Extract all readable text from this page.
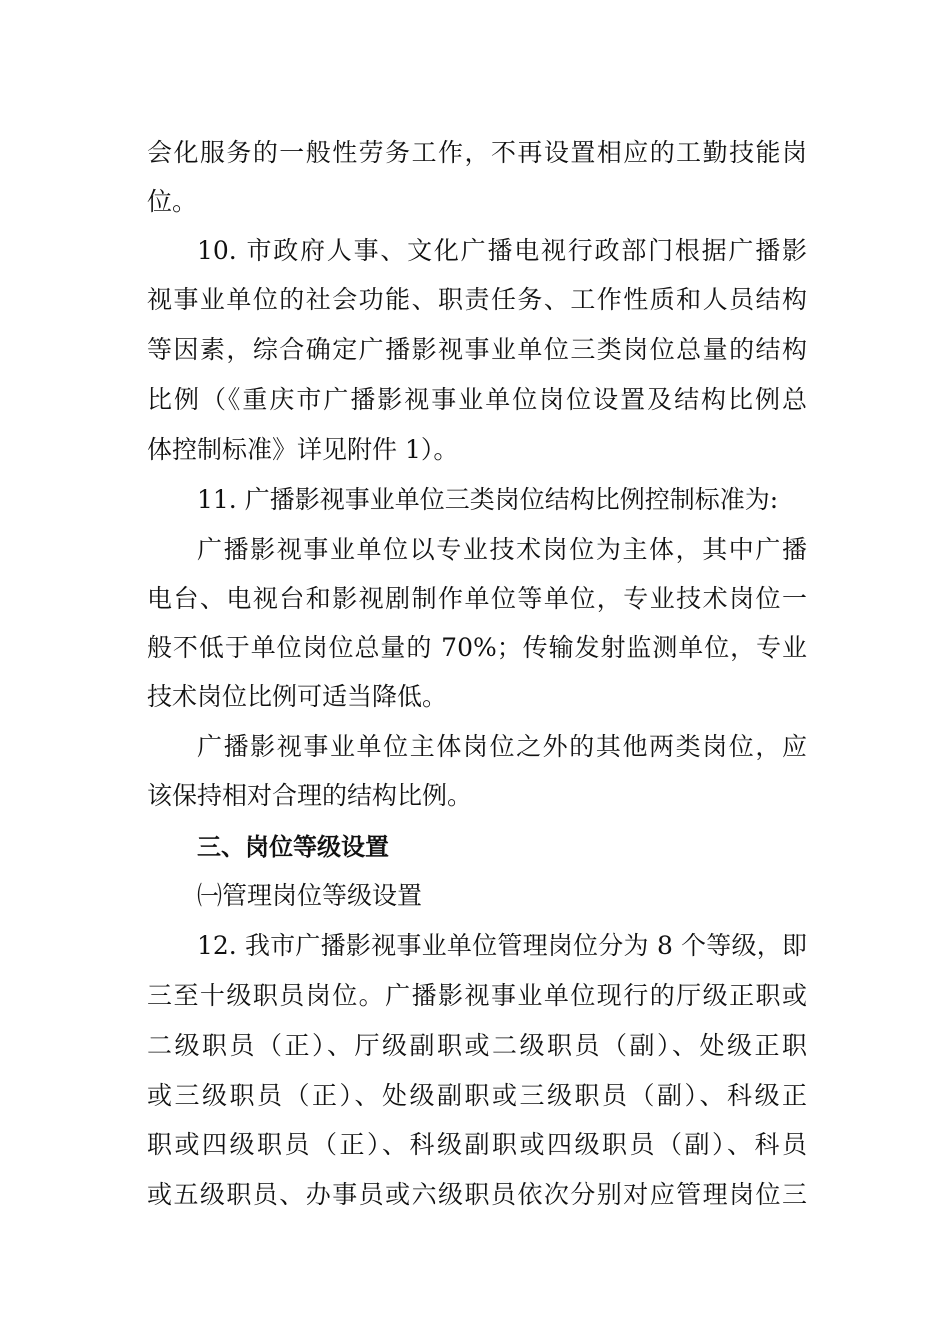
会化服务的一般性劳务工作，不再设置相应的工勤技能岗
位。
10. 市政府人事、文化广播电视行政部门根据广播影
视事业单位的社会功能、职责任务、工作性质和人员结构
等因素，综合确定广播影视事业单位三类岗位总量的结构
比例（《重庆市广播影视事业单位岗位设置及结构比例总
体控制标准》详见附件 1）。
11. 广播影视事业单位三类岗位结构比例控制标准为:
广播影视事业单位以专业技术岗位为主体，其中广播
电台、电视台和影视剧制作单位等单位，专业技术岗位一
般不低于单位岗位总量的 70%；传输发射监测单位，专业
技术岗位比例可适当降低。
广播影视事业单位主体岗位之外的其他两类岗位，应
该保持相对合理的结构比例。
三、岗位等级设置
㈠管理岗位等级设置
12. 我市广播影视事业单位管理岗位分为 8 个等级，即
三至十级职员岗位。广播影视事业单位现行的厅级正职或
二级职员（正）、厅级副职或二级职员（副）、处级正职
或三级职员（正）、处级副职或三级职员（副）、科级正
职或四级职员（正）、科级副职或四级职员（副）、科员
或五级职员、办事员或六级职员依次分别对应管理岗位三
